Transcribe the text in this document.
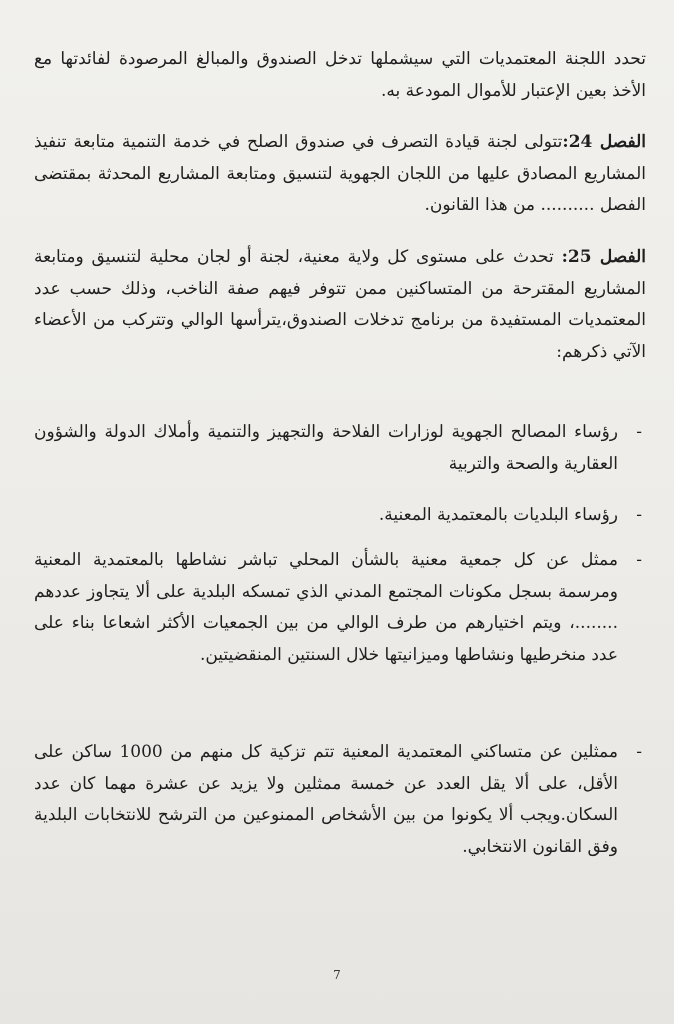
تحدد اللجنة المعتمديات التي سيشملها تدخل الصندوق والمبالغ المرصودة لفائدتها مع الأخذ بعين الإعتبار للأموال المودعة به.

الفصل 24:تتولى لجنة قيادة التصرف في صندوق الصلح في خدمة التنمية متابعة تنفيذ المشاريع المصادق عليها من اللجان الجهوية لتنسيق ومتابعة المشاريع المحدثة بمقتضى الفصل .......... من هذا القانون.

الفصل 25: تحدث على مستوى كل ولاية معنية، لجنة أو لجان محلية لتنسيق ومتابعة المشاريع المقترحة من المتساكنين ممن تتوفر فيهم صفة الناخب، وذلك حسب عدد المعتمديات المستفيدة من برنامج تدخلات الصندوق،يترأسها الوالي وتتركب من الأعضاء الآتي ذكرهم:

-
رؤساء المصالح الجهوية لوزارات الفلاحة والتجهيز والتنمية وأملاك الدولة والشؤون العقارية والصحة والتربية

-
رؤساء البلديات بالمعتمدية المعنية.

-
ممثل عن كل جمعية معنية بالشأن المحلي تباشر نشاطها بالمعتمدية المعنية ومرسمة بسجل مكونات المجتمع المدني الذي تمسكه البلدية على ألا يتجاوز عددهم ........، ويتم اختيارهم من طرف الوالي من بين الجمعيات الأكثر اشعاعا بناء على عدد منخرطيها ونشاطها وميزانيتها خلال السنتين المنقضيتين.

-
ممثلين عن متساكني المعتمدية المعنية تتم تزكية كل منهم من 1000 ساكن على الأقل، على ألا يقل العدد عن خمسة ممثلين ولا يزيد عن عشرة مهما كان عدد السكان.ويجب ألا يكونوا من بين الأشخاص الممنوعين من الترشح للانتخابات البلدية وفق القانون الانتخابي.

7
